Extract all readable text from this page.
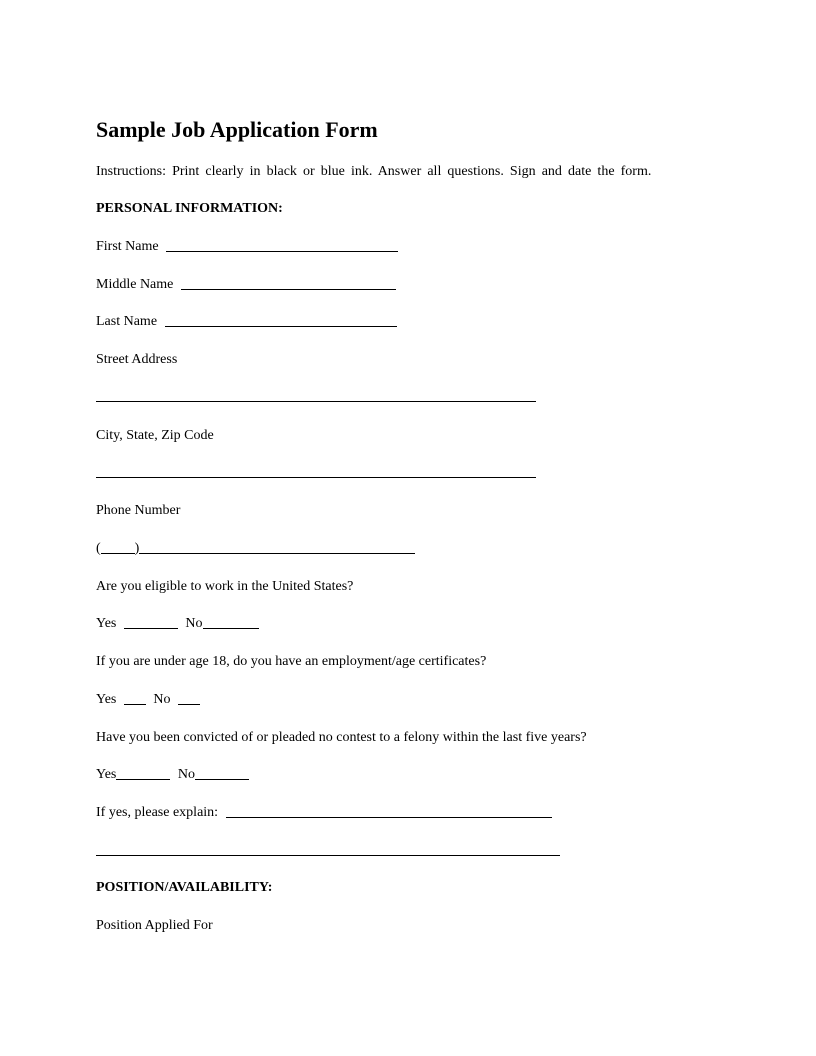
Sample Job Application Form
Instructions: Print clearly in black or blue ink. Answer all questions. Sign and date the form.
PERSONAL INFORMATION:
First Name
Middle Name
Last Name
Street Address
City, State, Zip Code
Phone Number
( )
Are you eligible to work in the United States?
Yes	No
If you are under age 18, do you have an employment/age certificates?
Yes	No
Have you been convicted of or pleaded no contest to a felony within the last five years?
Yes	No
If yes, please explain:
POSITION/AVAILABILITY:
Position Applied For
